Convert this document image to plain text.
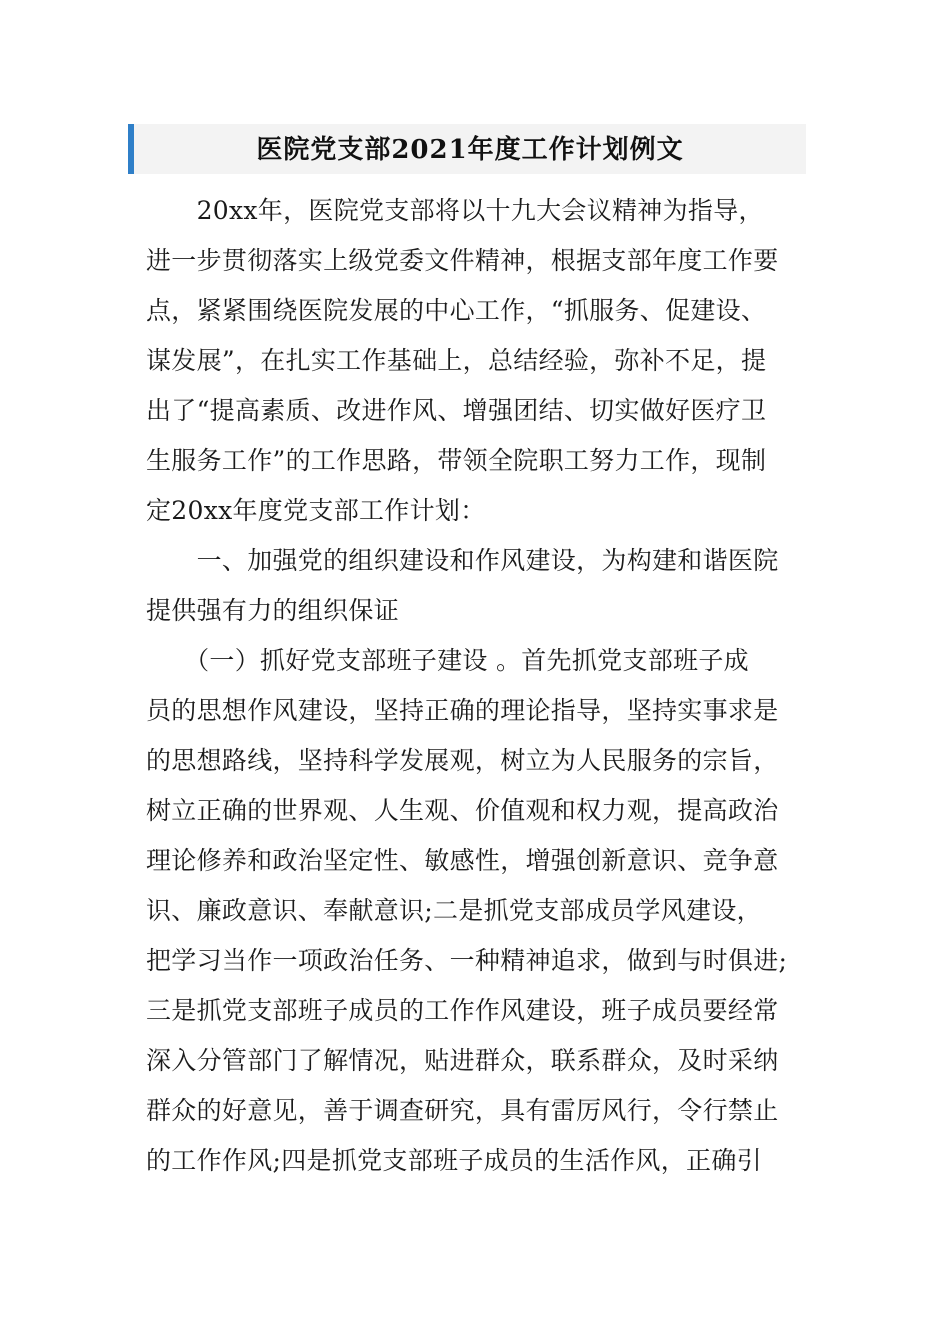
医院党支部2021年度工作计划例文
　　20xx年，医院党支部将以十九大会议精神为指导，
进一步贯彻落实上级党委文件精神，根据支部年度工作要
点，紧紧围绕医院发展的中心工作，“抓服务、促建设、
谋发展”，在扎实工作基础上，总结经验，弥补不足，提
出了“提高素质、改进作风、增强团结、切实做好医疗卫
生服务工作”的工作思路，带领全院职工努力工作，现制
定20xx年度党支部工作计划：
　　一、加强党的组织建设和作风建设，为构建和谐医院
提供强有力的组织保证
　　（一）抓好党支部班子建设 。首先抓党支部班子成
员的思想作风建设，坚持正确的理论指导，坚持实事求是
的思想路线，坚持科学发展观，树立为人民服务的宗旨，
树立正确的世界观、人生观、价值观和权力观，提高政治
理论修养和政治坚定性、敏感性，增强创新意识、竞争意
识、廉政意识、奉献意识;二是抓党支部成员学风建设，
把学习当作一项政治任务、一种精神追求，做到与时俱进;
三是抓党支部班子成员的工作作风建设，班子成员要经常
深入分管部门了解情况，贴进群众，联系群众，及时采纳
群众的好意见，善于调查研究，具有雷厉风行，令行禁止
的工作作风;四是抓党支部班子成员的生活作风，正确引
